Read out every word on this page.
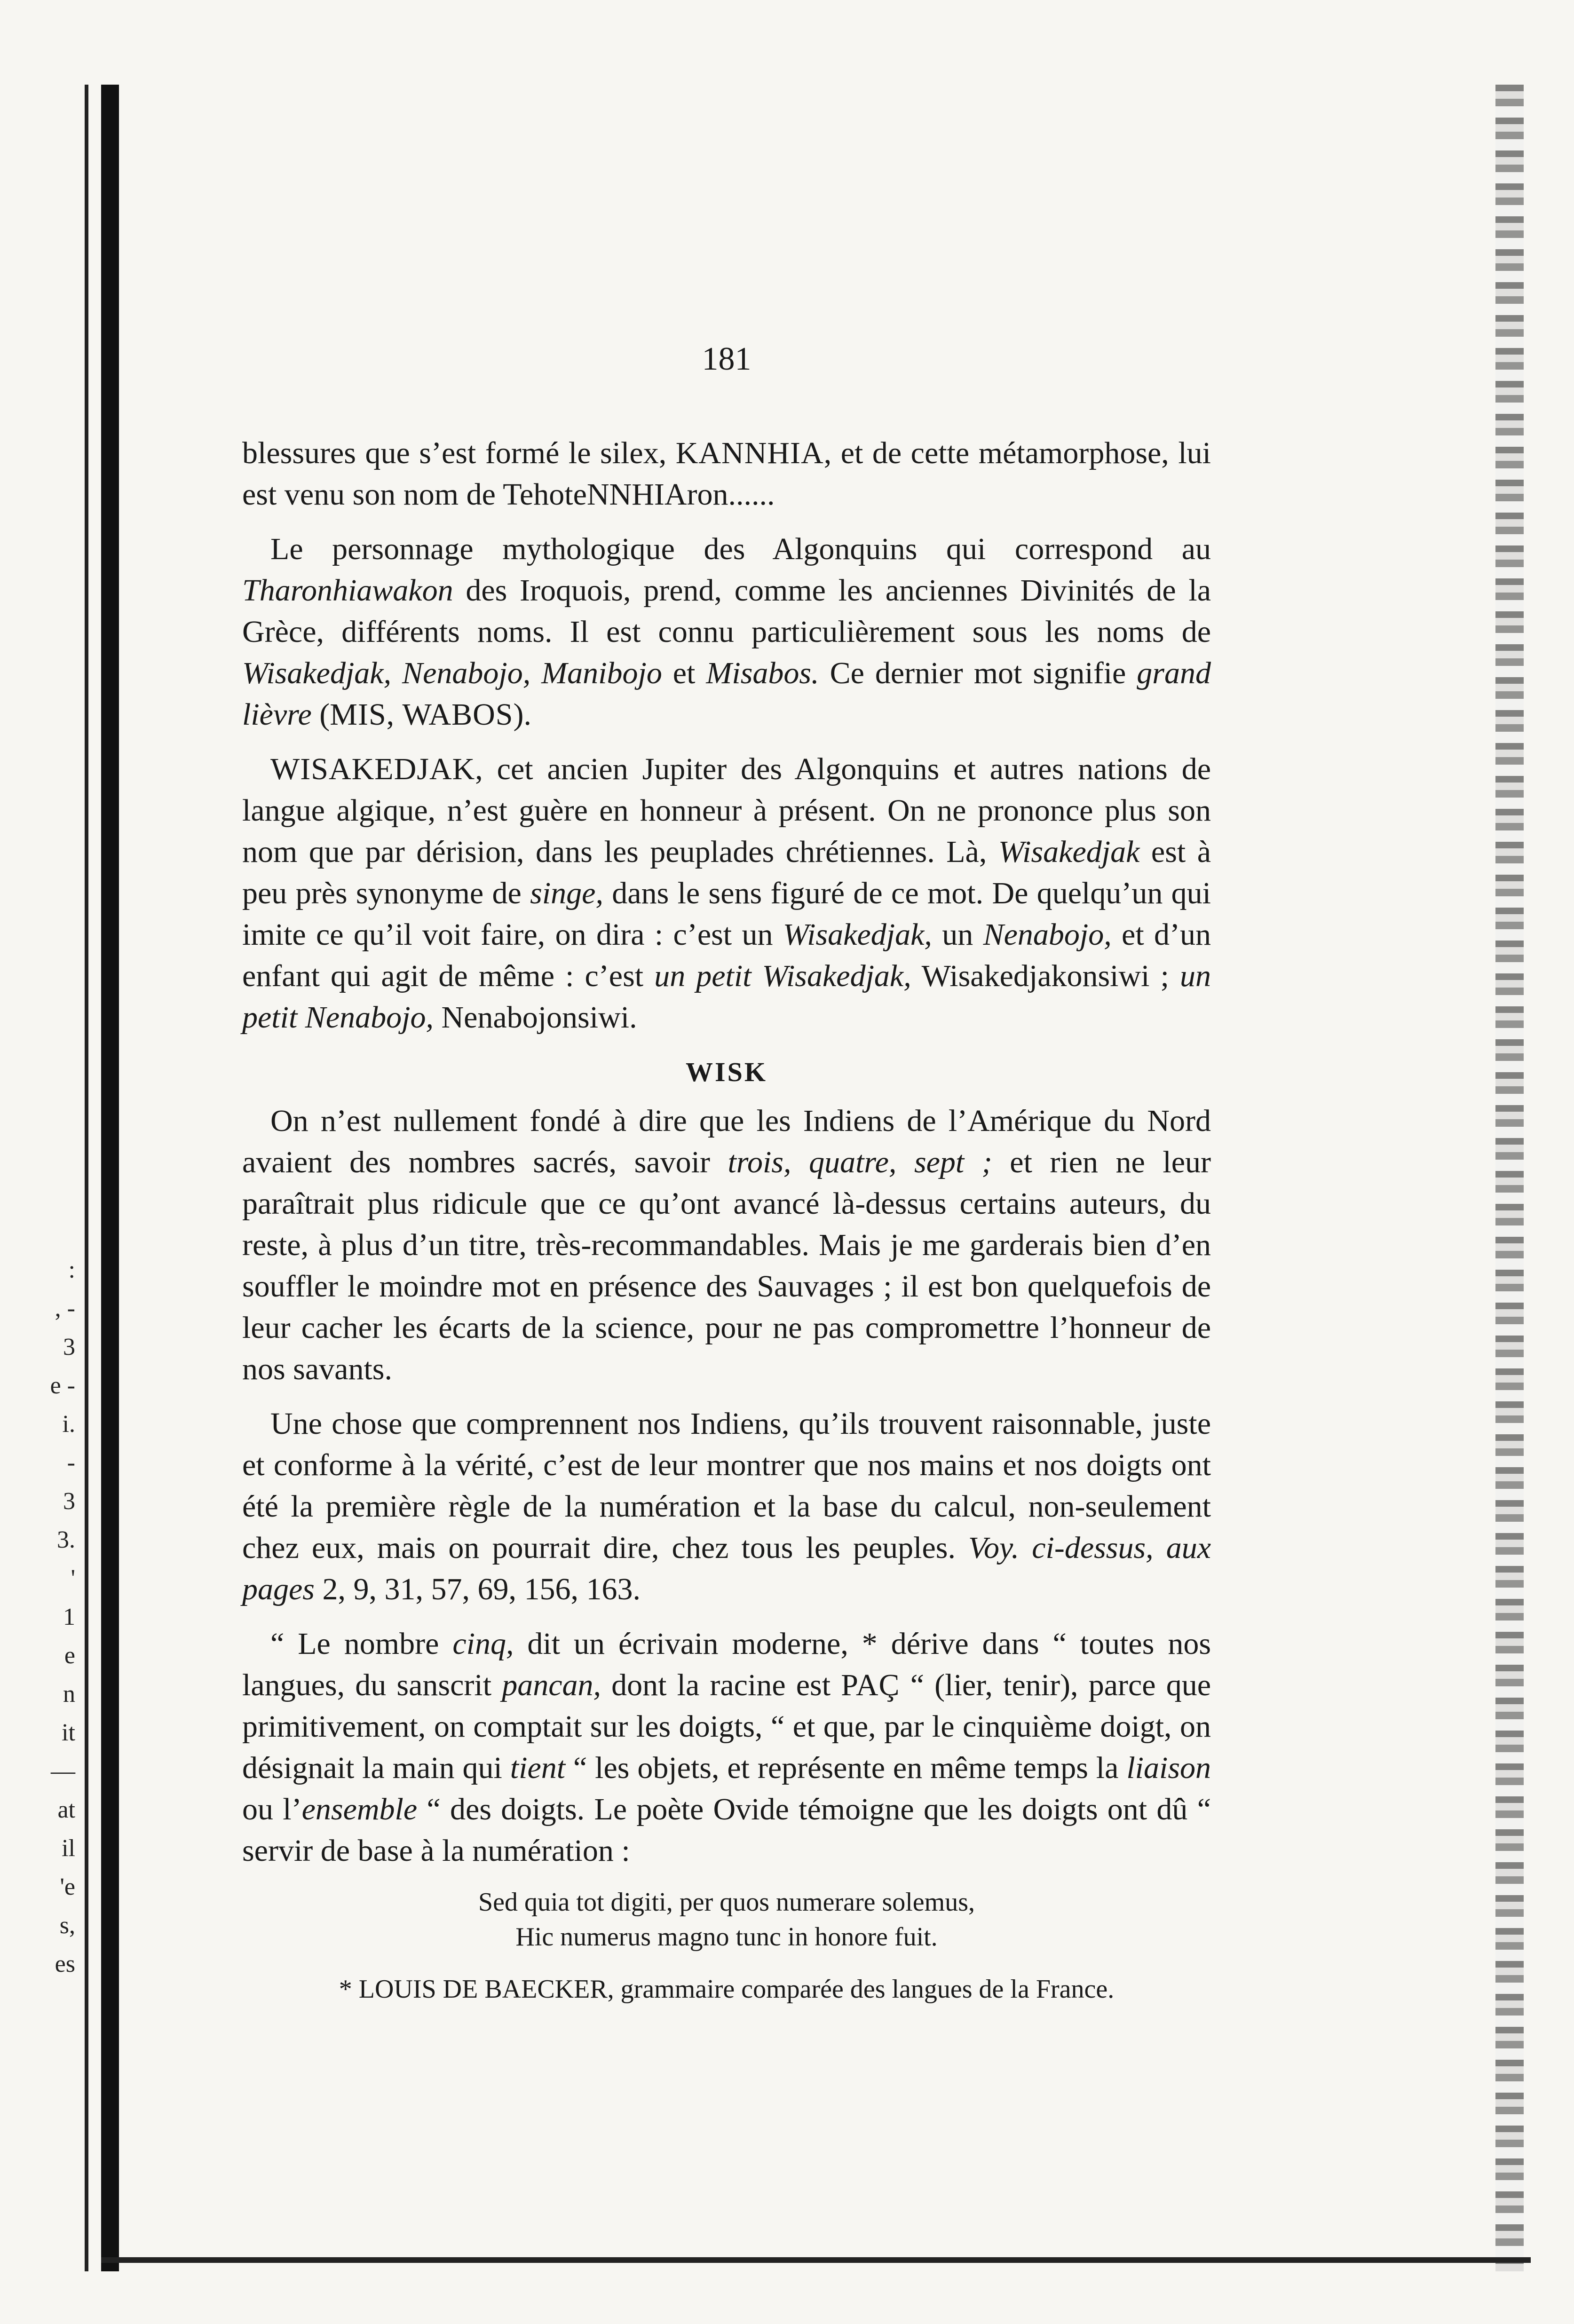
:
, -
3
e -
i.
-
3
3.
'
1
e
n
it
—
at
il
'e
s,
es
181

blessures que s’est formé le silex, KANNHIA, et de cette métamorphose, lui est venu son nom de TehoteNNHIAron......

Le personnage mythologique des Algonquins qui correspond au Tharonhiawakon des Iroquois, prend, comme les anciennes Divinités de la Grèce, différents noms. Il est connu particulièrement sous les noms de Wisakedjak, Nenabojo, Manibojo et Misabos. Ce dernier mot signifie grand lièvre (MIS, WABOS).

WISAKEDJAK, cet ancien Jupiter des Algonquins et autres nations de langue algique, n’est guère en honneur à présent. On ne prononce plus son nom que par dérision, dans les peuplades chrétiennes. Là, Wisakedjak est à peu près synonyme de singe, dans le sens figuré de ce mot. De quelqu’un qui imite ce qu’il voit faire, on dira : c’est un Wisakedjak, un Nenabojo, et d’un enfant qui agit de même : c’est un petit Wisakedjak, Wisakedjakonsiwi ; un petit Nenabojo, Nenabojonsiwi.

WISK

On n’est nullement fondé à dire que les Indiens de l’Amérique du Nord avaient des nombres sacrés, savoir trois, quatre, sept ; et rien ne leur paraîtrait plus ridicule que ce qu’ont avancé là-dessus certains auteurs, du reste, à plus d’un titre, très-recommandables. Mais je me garderais bien d’en souffler le moindre mot en présence des Sauvages ; il est bon quelquefois de leur cacher les écarts de la science, pour ne pas compromettre l’honneur de nos savants.

Une chose que comprennent nos Indiens, qu’ils trouvent raisonnable, juste et conforme à la vérité, c’est de leur montrer que nos mains et nos doigts ont été la première règle de la numération et la base du calcul, non-seulement chez eux, mais on pourrait dire, chez tous les peuples. Voy. ci-dessus, aux pages 2, 9, 31, 57, 69, 156, 163.

“ Le nombre cinq, dit un écrivain moderne, * dérive dans “ toutes nos langues, du sanscrit pancan, dont la racine est PAÇ “ (lier, tenir), parce que primitivement, on comptait sur les doigts, “ et que, par le cinquième doigt, on désignait la main qui tient “ les objets, et représente en même temps la liaison ou l’ensemble “ des doigts. Le poète Ovide témoigne que les doigts ont dû “ servir de base à la numération :

Sed quia tot digiti, per quos numerare solemus,
Hic numerus magno tunc in honore fuit.
* LOUIS DE BAECKER, grammaire comparée des langues de la France.
